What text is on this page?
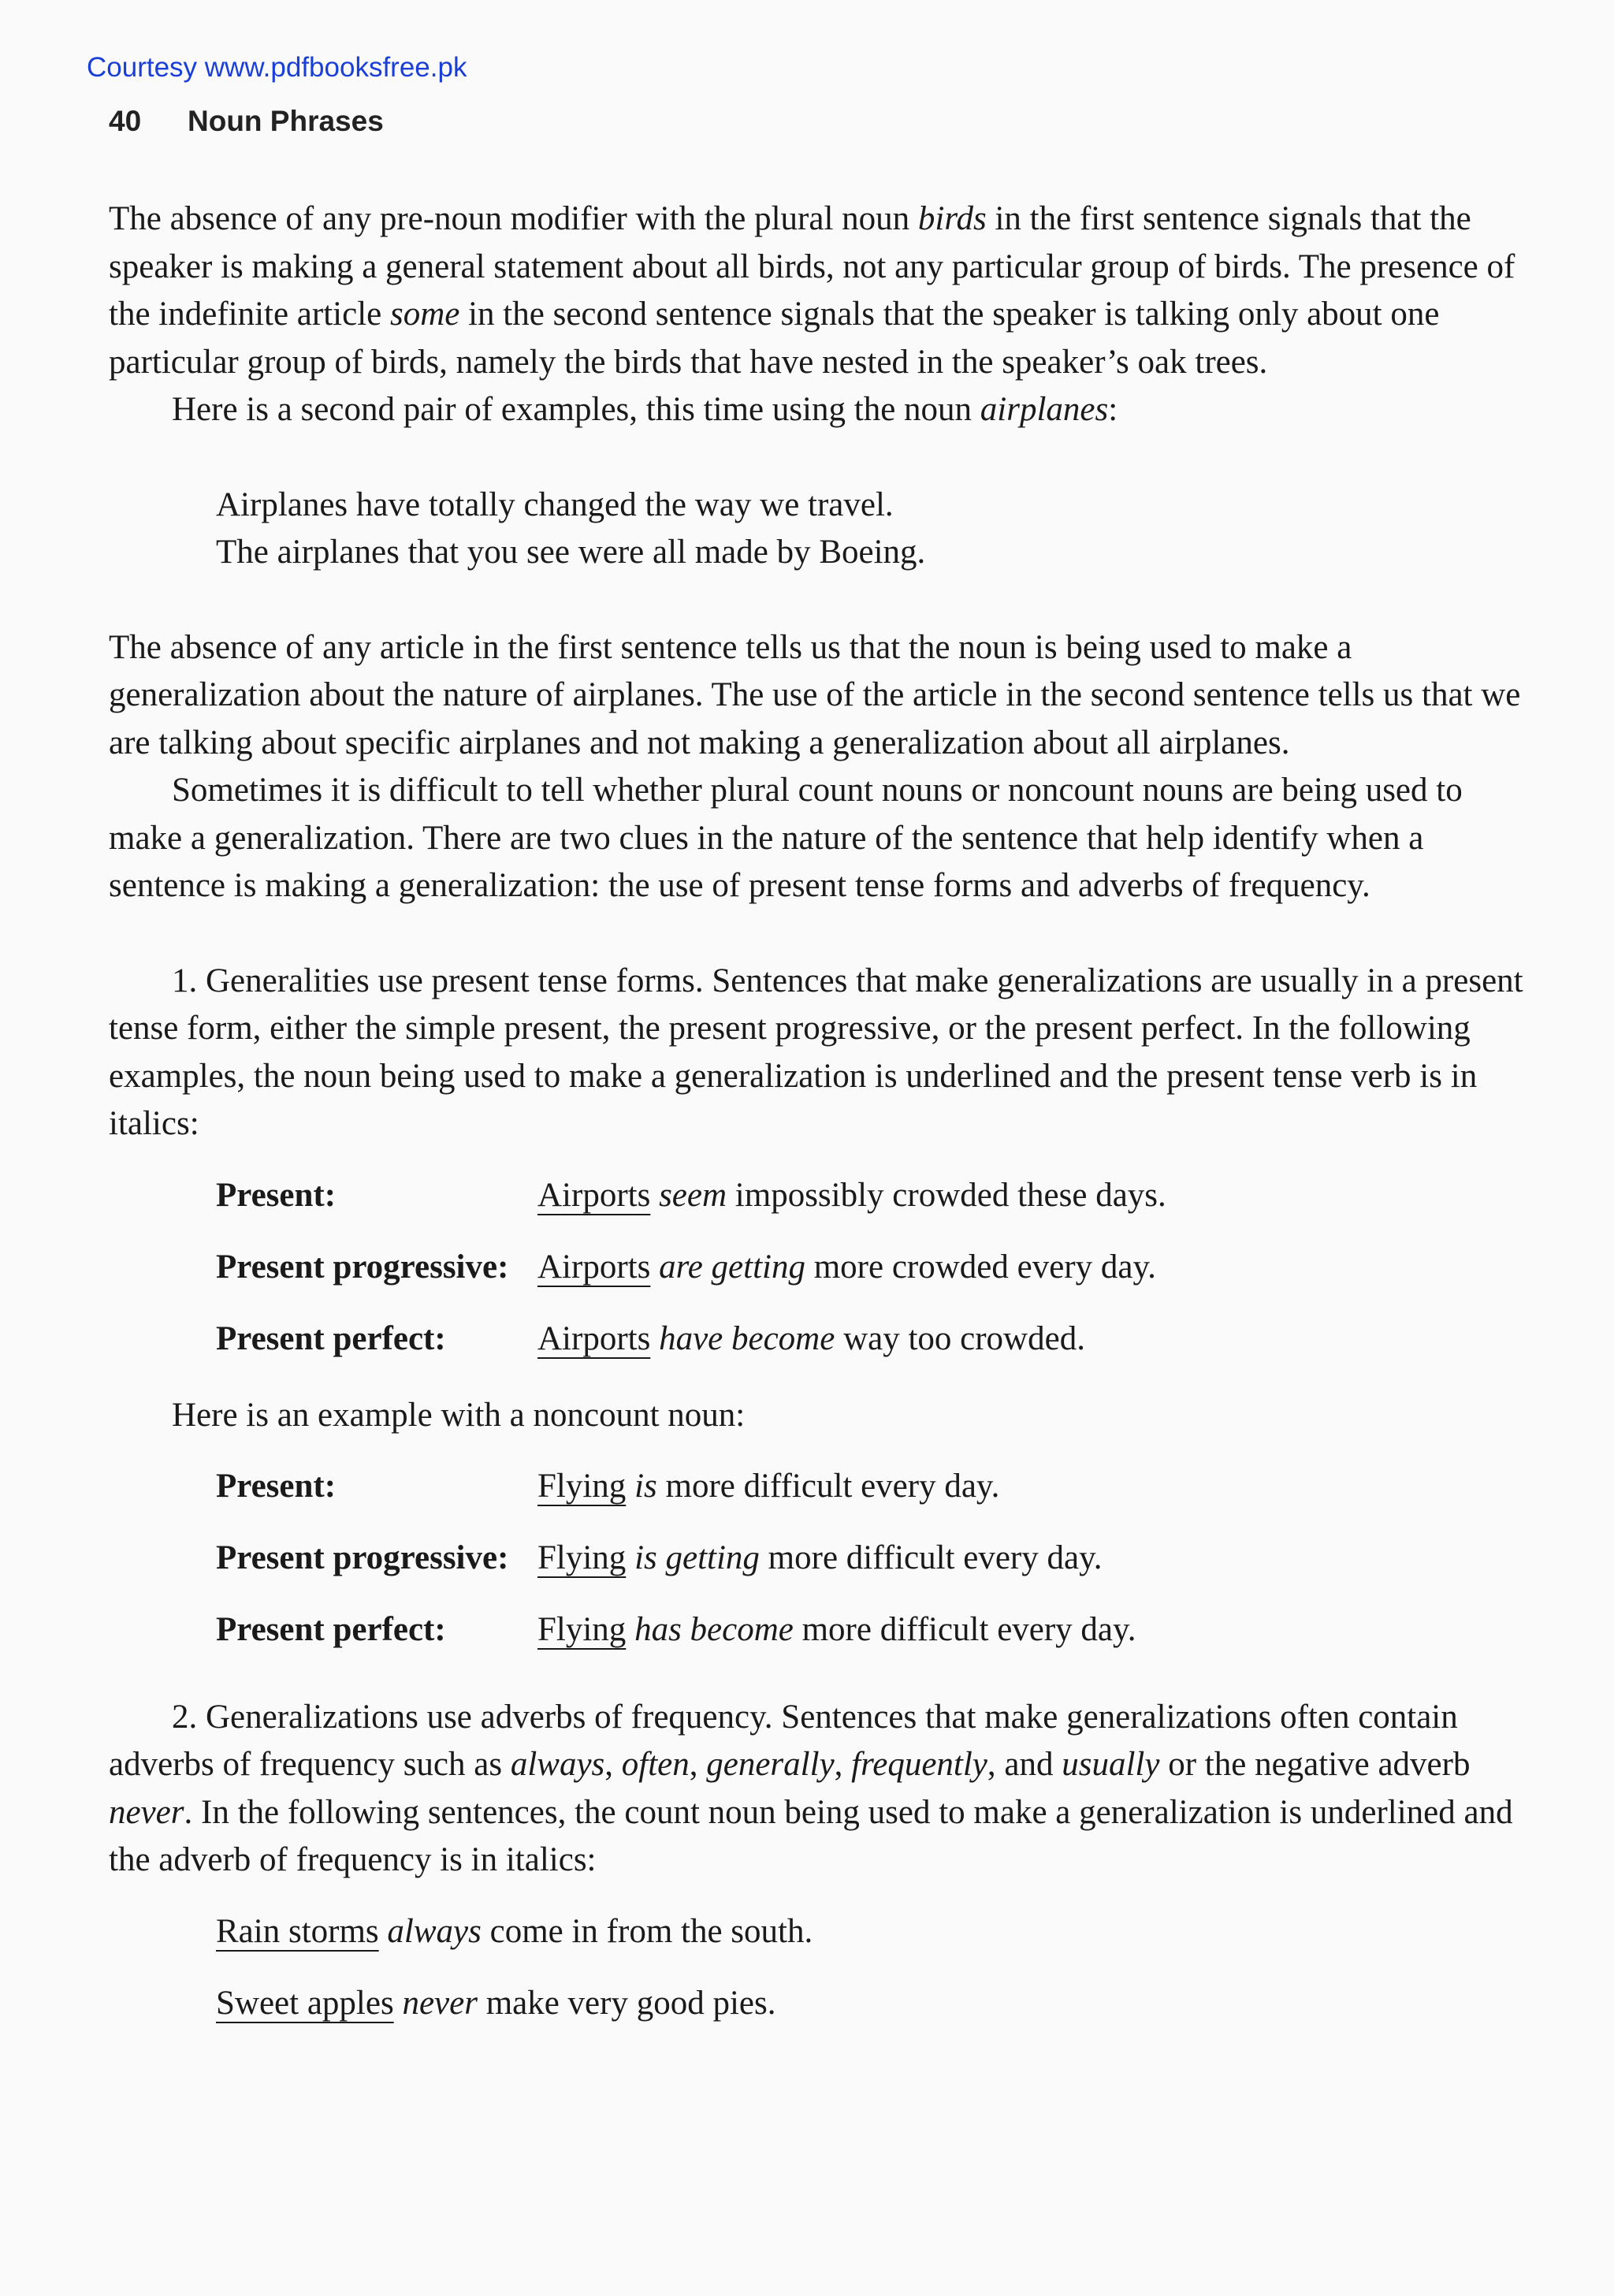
Courtesy www.pdfbooksfree.pk
40 Noun Phrases

The absence of any pre-noun modifier with the plural noun birds in the first sentence signals that the speaker is making a general statement about all birds, not any particular group of birds. The presence of the indefinite article some in the second sentence signals that the speaker is talking only about one particular group of birds, namely the birds that have nested in the speaker’s oak trees.

Here is a second pair of examples, this time using the noun airplanes:

Airplanes have totally changed the way we travel.
The airplanes that you see were all made by Boeing.

The absence of any article in the first sentence tells us that the noun is being used to make a generalization about the nature of airplanes. The use of the article in the second sentence tells us that we are talking about specific airplanes and not making a generalization about all airplanes.

Sometimes it is difficult to tell whether plural count nouns or noncount nouns are being used to make a generalization. There are two clues in the nature of the sentence that help identify when a sentence is making a generalization: the use of present tense forms and adverbs of frequency.

1. Generalities use present tense forms. Sentences that make generalizations are usually in a present tense form, either the simple present, the present progressive, or the present perfect. In the following examples, the noun being used to make a generalization is underlined and the present tense verb is in italics:

Present:	Airports seem impossibly crowded these days.
Present progressive: Airports are getting more crowded every day.
Present perfect:	Airports have become way too crowded.
Here is an example with a noncount noun:
Present:	Flying is more difficult every day.
Present progressive: Flying is getting more difficult every day.
Present perfect:	Flying has become more difficult every day.

2. Generalizations use adverbs of frequency. Sentences that make generalizations often contain adverbs of frequency such as always, often, generally, frequently, and usually or the negative adverb never. In the following sentences, the count noun being used to make a generalization is underlined and the adverb of frequency is in italics:

Rain storms always come in from the south.
Sweet apples never make very good pies.
